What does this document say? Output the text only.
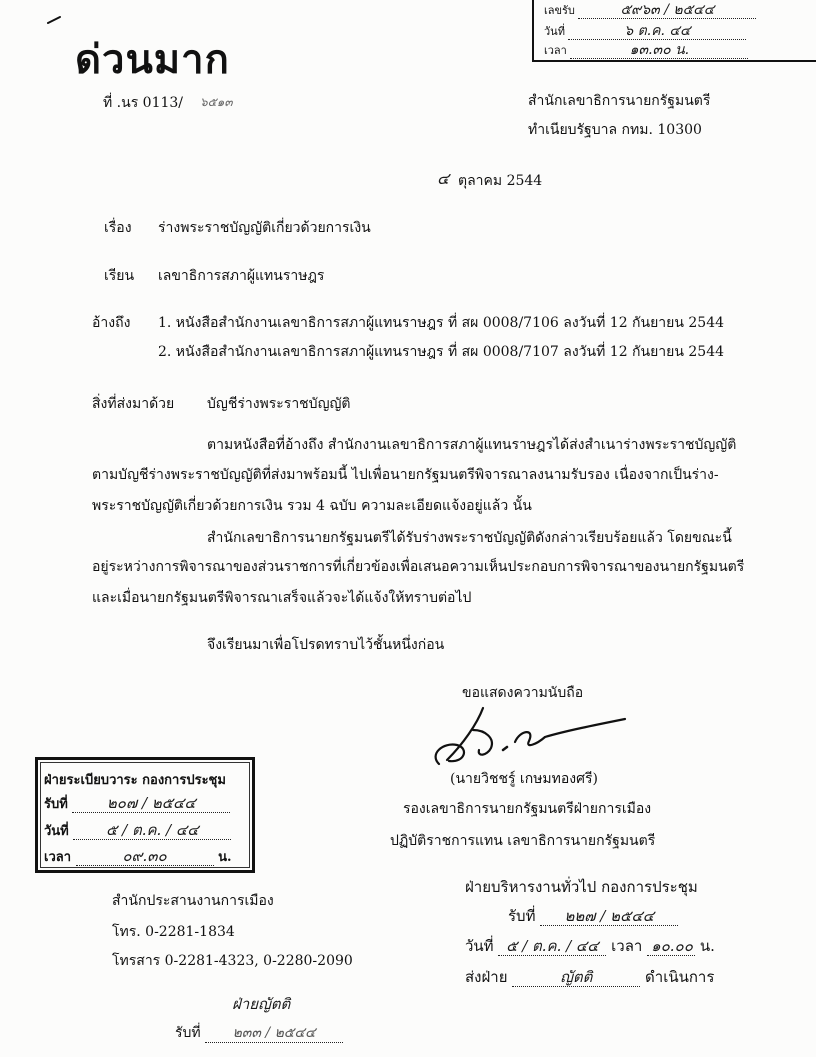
เลขรับ	๕๙๖๓ / ๒๕๔๔
วันที่	๖ ต.ค. ๔๔
เวลา	๑๓.๓๐ น.
ด่วนมาก
ที่ .นร 0113/ ๖๕๑๓	สำนักเลขาธิการนายกรัฐมนตรี
ทำเนียบรัฐบาล กทม. 10300
๔ ตุลาคม 2544
เรื่อง ร่างพระราชบัญญัติเกี่ยวด้วยการเงิน
เรียน เลขาธิการสภาผู้แทนราษฎร
อ้างถึง 1. หนังสือสำนักงานเลขาธิการสภาผู้แทนราษฎร ที่ สผ 0008/7106 ลงวันที่ 12 กันยายน 2544
2. หนังสือสำนักงานเลขาธิการสภาผู้แทนราษฎร ที่ สผ 0008/7107 ลงวันที่ 12 กันยายน 2544
สิ่งที่ส่งมาด้วย บัญชีร่างพระราชบัญญัติ
ตามหนังสือที่อ้างถึง สำนักงานเลขาธิการสภาผู้แทนราษฎรได้ส่งสำเนาร่างพระราชบัญญัติ
ตามบัญชีร่างพระราชบัญญัติที่ส่งมาพร้อมนี้ ไปเพื่อนายกรัฐมนตรีพิจารณาลงนามรับรอง เนื่องจากเป็นร่าง-
พระราชบัญญัติเกี่ยวด้วยการเงิน รวม 4 ฉบับ ความละเอียดแจ้งอยู่แล้ว นั้น
สำนักเลขาธิการนายกรัฐมนตรีได้รับร่างพระราชบัญญัติดังกล่าวเรียบร้อยแล้ว โดยขณะนี้
อยู่ระหว่างการพิจารณาของส่วนราชการที่เกี่ยวข้องเพื่อเสนอความเห็นประกอบการพิจารณาของนายกรัฐมนตรี
และเมื่อนายกรัฐมนตรีพิจารณาเสร็จแล้วจะได้แจ้งให้ทราบต่อไป
จึงเรียนมาเพื่อโปรดทราบไว้ชั้นหนึ่งก่อน
ขอแสดงความนับถือ
(นายวิชชรู์ เกษมทองศรี)
รองเลขาธิการนายกรัฐมนตรีฝ่ายการเมือง
ปฏิบัติราชการแทน เลขาธิการนายกรัฐมนตรี
ฝ่ายระเบียบวาระ กองการประชุม
รับที่	๒๐๗ / ๒๕๔๔
วันที่ ๕ / ต.ค. / ๔๔
เวลา	๐๙.๓๐	น.
สำนักประสานงานการเมือง
โทร. 0-2281-1834
โทรสาร 0-2281-4323, 0-2280-2090
ฝ่ายบริหารงานทั่วไป กองการประชุม
รับที่ ๒๒๗ / ๒๕๔๔
วันที่ ๕ / ต.ค. / ๔๔ เวลา ๑๐.๐๐ น.
ส่งฝ่าย	ญัตติ	ดำเนินการ
ฝ่ายญัตติ
รับที่ ๒๓๓ / ๒๕๔๔
